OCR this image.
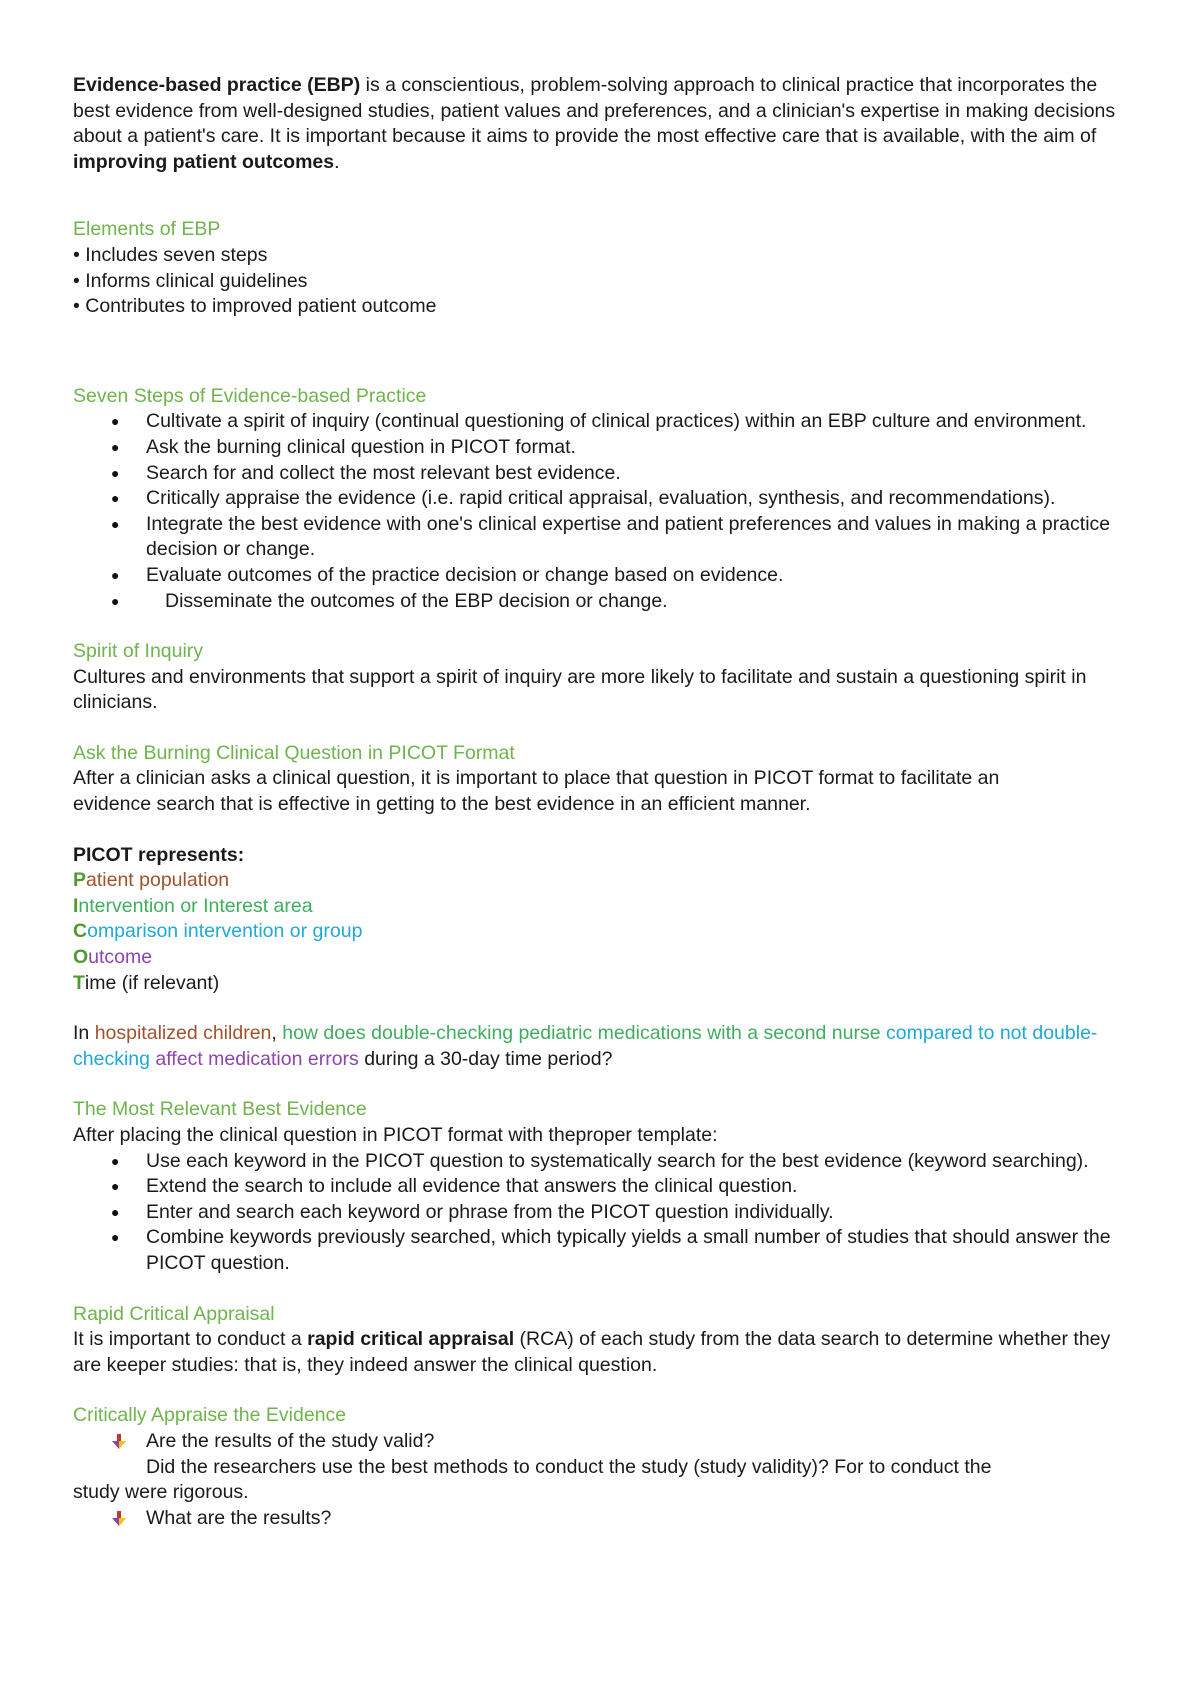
Evidence-based practice (EBP) is a conscientious, problem-solving approach to clinical practice that incorporates the best evidence from well-designed studies, patient values and preferences, and a clinician's expertise in making decisions about a patient's care. It is important because it aims to provide the most effective care that is available, with the aim of improving patient outcomes.

Elements of EBP

• Includes seven steps

• Informs clinical guidelines

• Contributes to improved patient outcome

Seven Steps of Evidence-based Practice

● Cultivate a spirit of inquiry (continual questioning of clinical practices) within an EBP culture and environment.
● Ask the burning clinical question in PICOT format.
● Search for and collect the most relevant best evidence.
● Critically appraise the evidence (i.e. rapid critical appraisal, evaluation, synthesis, and recommendations).
● Integrate the best evidence with one's clinical expertise and patient preferences and values in making a practice decision or change.
● Evaluate outcomes of the practice decision or change based on evidence.
● Disseminate the outcomes of the EBP decision or change.

Spirit of Inquiry

Cultures and environments that support a spirit of inquiry are more likely to facilitate and sustain a questioning spirit in clinicians.

Ask the Burning Clinical Question in PICOT Format

After a clinician asks a clinical question, it is important to place that question in PICOT format to facilitate an evidence search that is effective in getting to the best evidence in an efficient manner.

PICOT represents:

Patient population

Intervention or Interest area

Comparison intervention or group

Outcome

Time (if relevant)

In hospitalized children, how does double-checking pediatric medications with a second nurse compared to not double-checking affect medication errors during a 30-day time period?

The Most Relevant Best Evidence

After placing the clinical question in PICOT format with theproper template:

● Use each keyword in the PICOT question to systematically search for the best evidence (keyword searching).
● Extend the search to include all evidence that answers the clinical question.
● Enter and search each keyword or phrase from the PICOT question individually.
● Combine keywords previously searched, which typically yields a small number of studies that should answer the PICOT question.

Rapid Critical Appraisal

It is important to conduct a rapid critical appraisal (RCA) of each study from the data search to determine whether they are keeper studies: that is, they indeed answer the clinical question.

Critically Appraise the Evidence

Are the results of the study valid?

Did the researchers use the best methods to conduct the study (study validity)? For to conduct the

study were rigorous.

What are the results?
